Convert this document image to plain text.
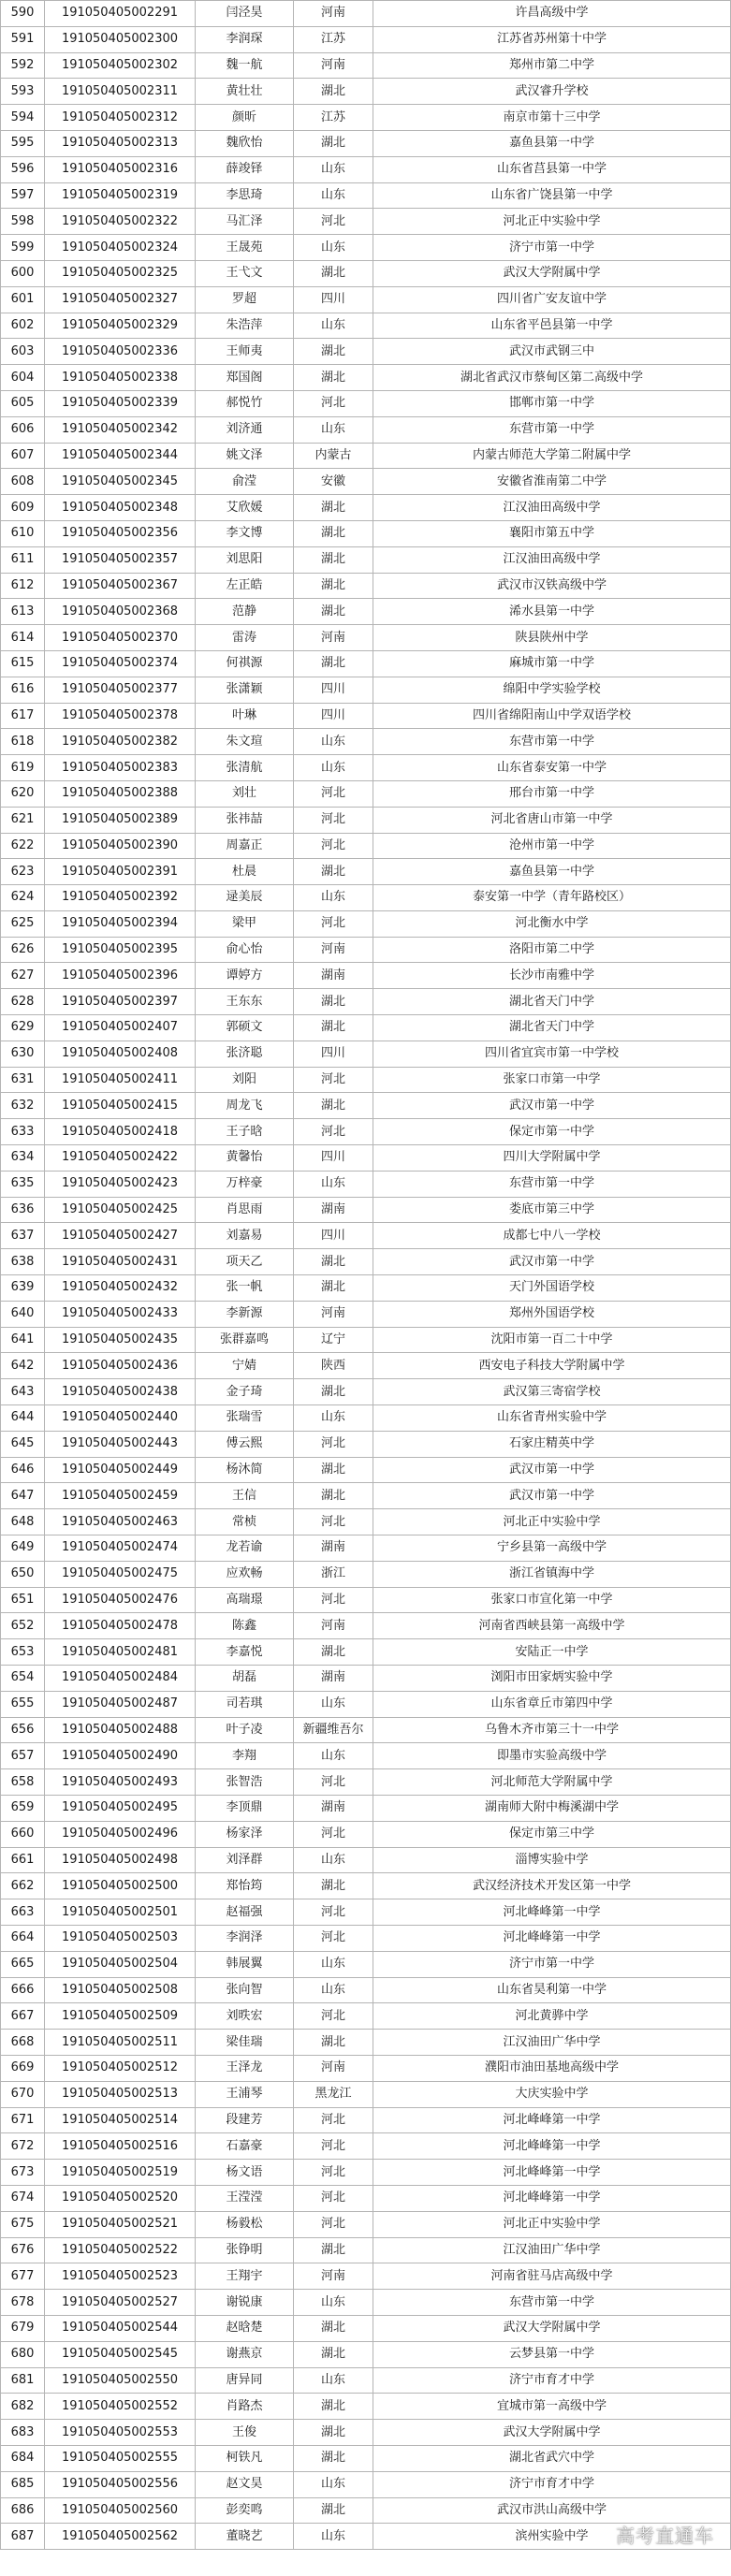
590	191050405002291	闫泾昊	河南	许昌高级中学
591	191050405002300	李润琛	江苏	江苏省苏州第十中学
592	191050405002302	魏一航	河南	郑州市第二中学
593	191050405002311	黄壮壮	湖北	武汉睿升学校
594	191050405002312	颜昕	江苏	南京市第十三中学
595	191050405002313	魏欣怡	湖北	嘉鱼县第一中学
596	191050405002316	薛竣铎	山东	山东省莒县第一中学
597	191050405002319	李思琦	山东	山东省广饶县第一中学
598	191050405002322	马汇泽	河北	河北正中实验中学
599	191050405002324	王晟苑	山东	济宁市第一中学
600	191050405002325	王弋文	湖北	武汉大学附属中学
601	191050405002327	罗超	四川	四川省广安友谊中学
602	191050405002329	朱浩萍	山东	山东省平邑县第一中学
603	191050405002336	王师夷	湖北	武汉市武钢三中
604	191050405002338	郑国阁	湖北	湖北省武汉市蔡甸区第二高级中学
605	191050405002339	郝悦竹	河北	邯郸市第一中学
606	191050405002342	刘济通	山东	东营市第一中学
607	191050405002344	姚文泽	内蒙古	内蒙古师范大学第二附属中学
608	191050405002345	俞滢	安徽	安徽省淮南第二中学
609	191050405002348	艾欣媛	湖北	江汉油田高级中学
610	191050405002356	李文博	湖北	襄阳市第五中学
611	191050405002357	刘思阳	湖北	江汉油田高级中学
612	191050405002367	左正皓	湖北	武汉市汉铁高级中学
613	191050405002368	范静	湖北	浠水县第一中学
614	191050405002370	雷涛	河南	陕县陕州中学
615	191050405002374	何祺源	湖北	麻城市第一中学
616	191050405002377	张潇颖	四川	绵阳中学实验学校
617	191050405002378	叶琳	四川	四川省绵阳南山中学双语学校
618	191050405002382	朱文瑄	山东	东营市第一中学
619	191050405002383	张清航	山东	山东省泰安第一中学
620	191050405002388	刘壮	河北	邢台市第一中学
621	191050405002389	张祎喆	河北	河北省唐山市第一中学
622	191050405002390	周嘉正	河北	沧州市第一中学
623	191050405002391	杜晨	湖北	嘉鱼县第一中学
624	191050405002392	逯美辰	山东	泰安第一中学（青年路校区）
625	191050405002394	梁甲	河北	河北衡水中学
626	191050405002395	俞心怡	河南	洛阳市第二中学
627	191050405002396	谭婷方	湖南	长沙市南雅中学
628	191050405002397	王东东	湖北	湖北省天门中学
629	191050405002407	郭硕文	湖北	湖北省天门中学
630	191050405002408	张济聪	四川	四川省宜宾市第一中学校
631	191050405002411	刘阳	河北	张家口市第一中学
632	191050405002415	周龙飞	湖北	武汉市第一中学
633	191050405002418	王子晗	河北	保定市第一中学
634	191050405002422	黄馨怡	四川	四川大学附属中学
635	191050405002423	万梓豪	山东	东营市第一中学
636	191050405002425	肖思雨	湖南	娄底市第三中学
637	191050405002427	刘嘉易	四川	成都七中八一学校
638	191050405002431	项天乙	湖北	武汉市第一中学
639	191050405002432	张一帆	湖北	天门外国语学校
640	191050405002433	李新源	河南	郑州外国语学校
641	191050405002435	张群嘉鸣	辽宁	沈阳市第一百二十中学
642	191050405002436	宁婧	陕西	西安电子科技大学附属中学
643	191050405002438	金子琦	湖北	武汉第三寄宿学校
644	191050405002440	张瑞雪	山东	山东省青州实验中学
645	191050405002443	傅云熙	河北	石家庄精英中学
646	191050405002449	杨沐简	湖北	武汉市第一中学
647	191050405002459	王信	湖北	武汉市第一中学
648	191050405002463	常桢	河北	河北正中实验中学
649	191050405002474	龙若谕	湖南	宁乡县第一高级中学
650	191050405002475	应欢畅	浙江	浙江省镇海中学
651	191050405002476	高瑞璟	河北	张家口市宣化第一中学
652	191050405002478	陈鑫	河南	河南省西峡县第一高级中学
653	191050405002481	李嘉悦	湖北	安陆正一中学
654	191050405002484	胡磊	湖南	浏阳市田家炳实验中学
655	191050405002487	司若琪	山东	山东省章丘市第四中学
656	191050405002488	叶子凌	新疆维吾尔	乌鲁木齐市第三十一中学
657	191050405002490	李翔	山东	即墨市实验高级中学
658	191050405002493	张智浩	河北	河北师范大学附属中学
659	191050405002495	李顶鼎	湖南	湖南师大附中梅溪湖中学
660	191050405002496	杨家泽	河北	保定市第三中学
661	191050405002498	刘泽群	山东	淄博实验中学
662	191050405002500	郑怡筠	湖北	武汉经济技术开发区第一中学
663	191050405002501	赵福强	河北	河北峰峰第一中学
664	191050405002503	李润泽	河北	河北峰峰第一中学
665	191050405002504	韩展翼	山东	济宁市第一中学
666	191050405002508	张向智	山东	山东省昊利第一中学
667	191050405002509	刘昳宏	河北	河北黄骅中学
668	191050405002511	梁佳瑞	湖北	江汉油田广华中学
669	191050405002512	王泽龙	河南	濮阳市油田基地高级中学
670	191050405002513	王浦琴	黑龙江	大庆实验中学
671	191050405002514	段建芳	河北	河北峰峰第一中学
672	191050405002516	石嘉豪	河北	河北峰峰第一中学
673	191050405002519	杨文语	河北	河北峰峰第一中学
674	191050405002520	王滢滢	河北	河北峰峰第一中学
675	191050405002521	杨毅松	河北	河北正中实验中学
676	191050405002522	张铮明	湖北	江汉油田广华中学
677	191050405002523	王翔宇	河南	河南省驻马店高级中学
678	191050405002527	谢锐康	山东	东营市第一中学
679	191050405002544	赵晗楚	湖北	武汉大学附属中学
680	191050405002545	谢燕京	湖北	云梦县第一中学
681	191050405002550	唐异同	山东	济宁市育才中学
682	191050405002552	肖路杰	湖北	宜城市第一高级中学
683	191050405002553	王俊	湖北	武汉大学附属中学
684	191050405002555	柯铁凡	湖北	湖北省武穴中学
685	191050405002556	赵文昊	山东	济宁市育才中学
686	191050405002560	彭奕鸣	湖北	武汉市洪山高级中学
687	191050405002562	董晓艺	山东	滨州实验中学 高考直通车
